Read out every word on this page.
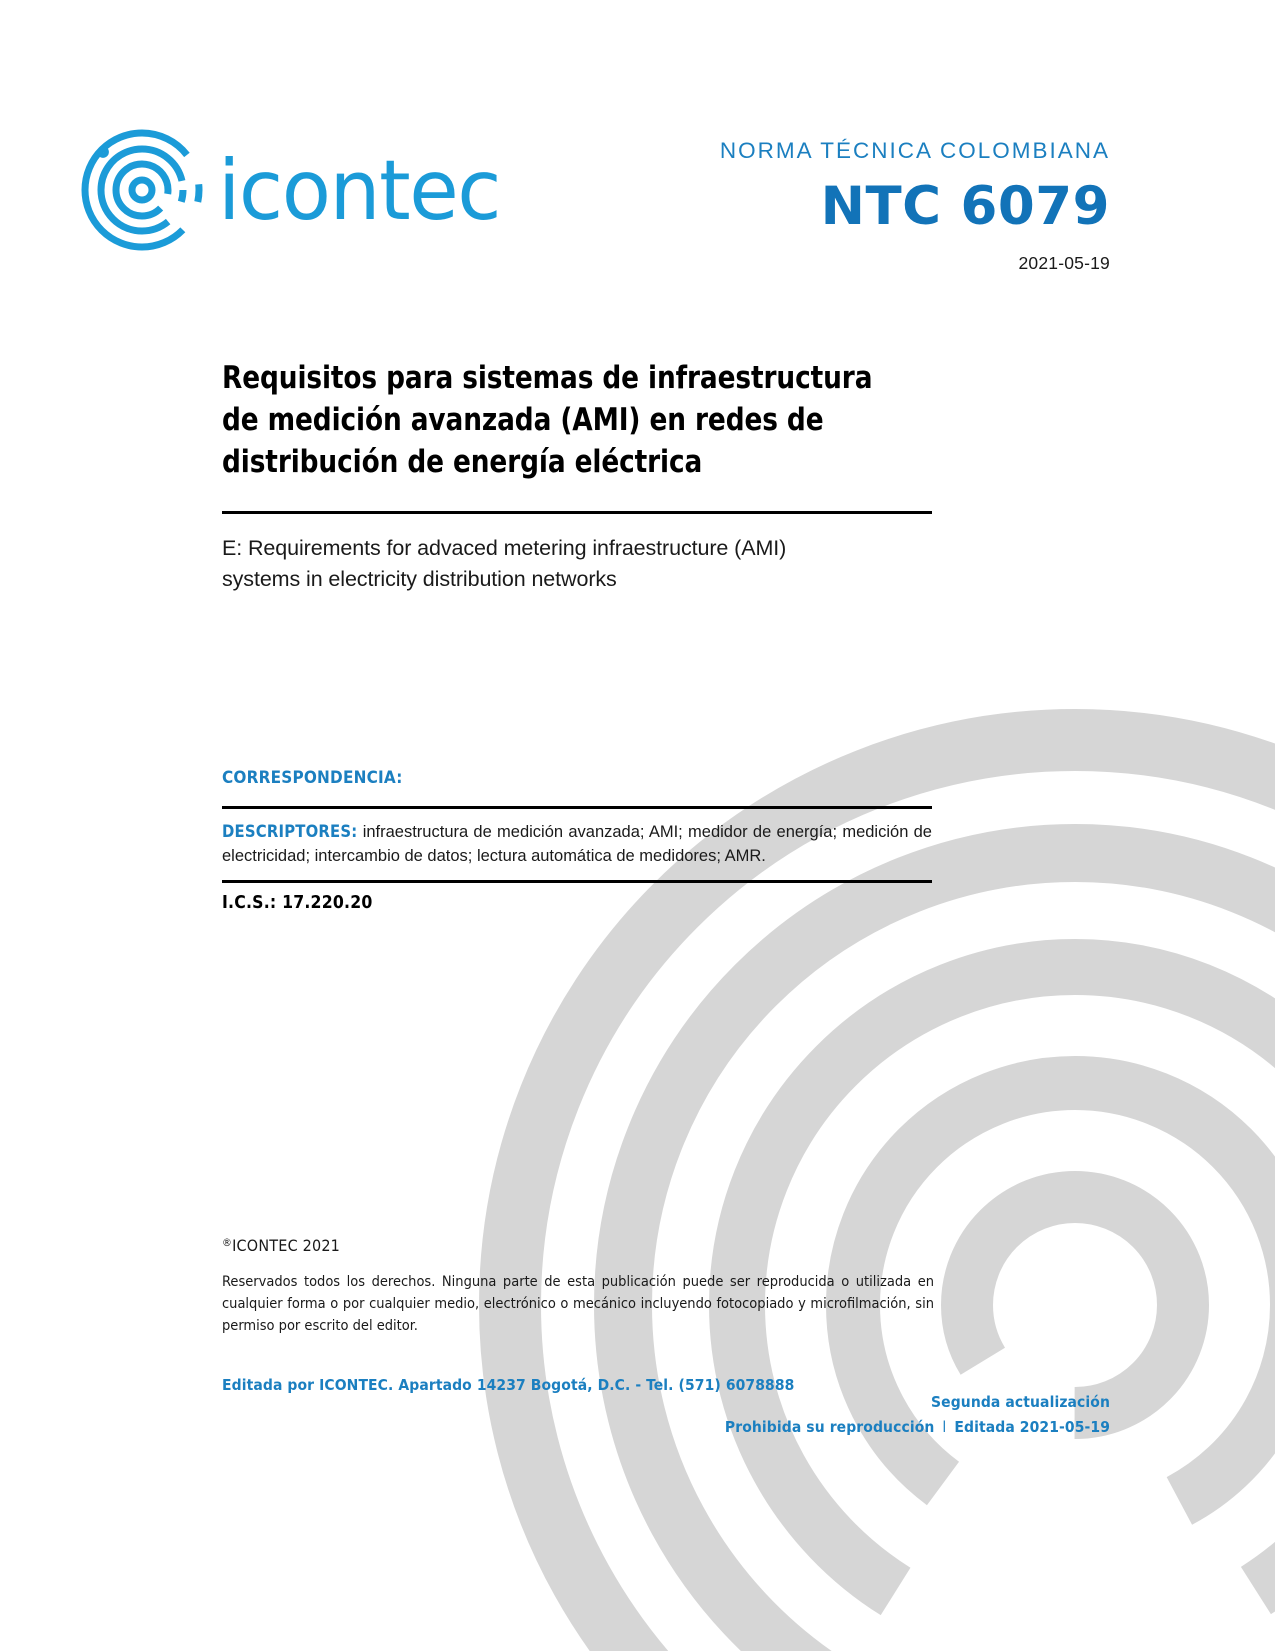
icontec	NORMA TÉCNICA COLOMBIANA
NTC 6079
2021-05-19
Requisitos para sistemas de infraestructura
de medición avanzada (AMI) en redes de
distribución de energía eléctrica
E: Requirements for advaced metering infraestructure (AMI)
systems in electricity distribution networks
CORRESPONDENCIA:
DESCRIPTORES: infraestructura de medición avanzada; AMI; medidor de energía; medición de electricidad; intercambio de datos; lectura automática de medidores; AMR.
I.C.S.: 17.220.20
®ICONTEC 2021
Reservados todos los derechos. Ninguna parte de esta publicación puede ser reproducida o utilizada en cualquier forma o por cualquier medio, electrónico o mecánico incluyendo fotocopiado y microfilmación, sin permiso por escrito del editor.
Editada por ICONTEC. Apartado 14237 Bogotá, D.C. - Tel. (571) 6078888
Segunda actualización
Prohibida su reproducción l Editada 2021-05-19
